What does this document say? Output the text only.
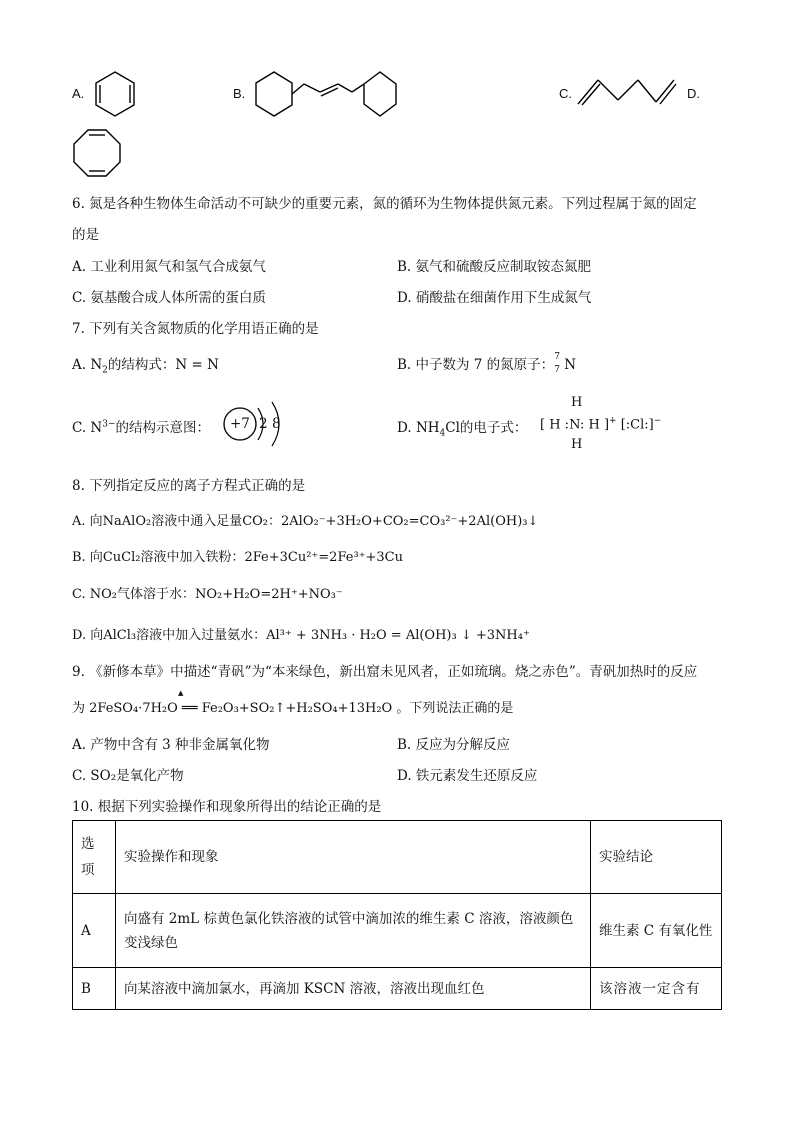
A.	B.	C.	D.
6. 氮是各种生物体生命活动不可缺少的重要元素，氮的循环为生物体提供氮元素。下列过程属于氮的固定
的是
A. 工业利用氮气和氢气合成氨气	B. 氨气和硫酸反应制取铵态氮肥
C. 氨基酸合成人体所需的蛋白质	D. 硝酸盐在细菌作用下生成氮气
7. 下列有关含氮物质的化学用语正确的是
A. $N_2$的结构式：N = N	B. 中子数为 7 的氮原子：
7
7 N
C. $N^{3-}$的结构示意图： +7 2 8	D. $NH_4Cl$的电子式：
H
[ H :N: H ]+ [:Cl:]−
H
8. 下列指定反应的离子方程式正确的是
A. 向NaAlO₂溶液中通入足量CO₂：2AlO₂⁻+3H₂O+CO₂=CO₃²⁻+2Al(OH)₃↓
B. 向CuCl₂溶液中加入铁粉：2Fe+3Cu²⁺=2Fe³⁺+3Cu
C. NO₂气体溶于水：NO₂+H₂O=2H⁺+NO₃⁻
D. 向AlCl₃溶液中加入过量氨水：Al³⁺ + 3NH₃ · H₂O = Al(OH)₃ ↓ +3NH₄⁺
9. 《新修本草》中描述“青矾”为“本来绿色，新出窟未见风者，正如琉璃。烧之赤色”。青矾加热时的反应
▲
为 2FeSO₄·7H₂O ══ Fe₂O₃+SO₂↑+H₂SO₄+13H₂O 。下列说法正确的是
A. 产物中含有 3 种非金属氧化物	B. 反应为分解反应
C. SO₂是氧化产物	D. 铁元素发生还原反应
10. 根据下列实验操作和现象所得出的结论正确的是
选项	实验操作和现象	实验结论
A	向盛有 2mL 棕黄色氯化铁溶液的试管中滴加浓的维生素 C 溶液，溶液颜色变浅绿色	维生素 C 有氧化性
B	向某溶液中滴加氯水，再滴加 KSCN 溶液，溶液出现血红色	该溶液一定含有
